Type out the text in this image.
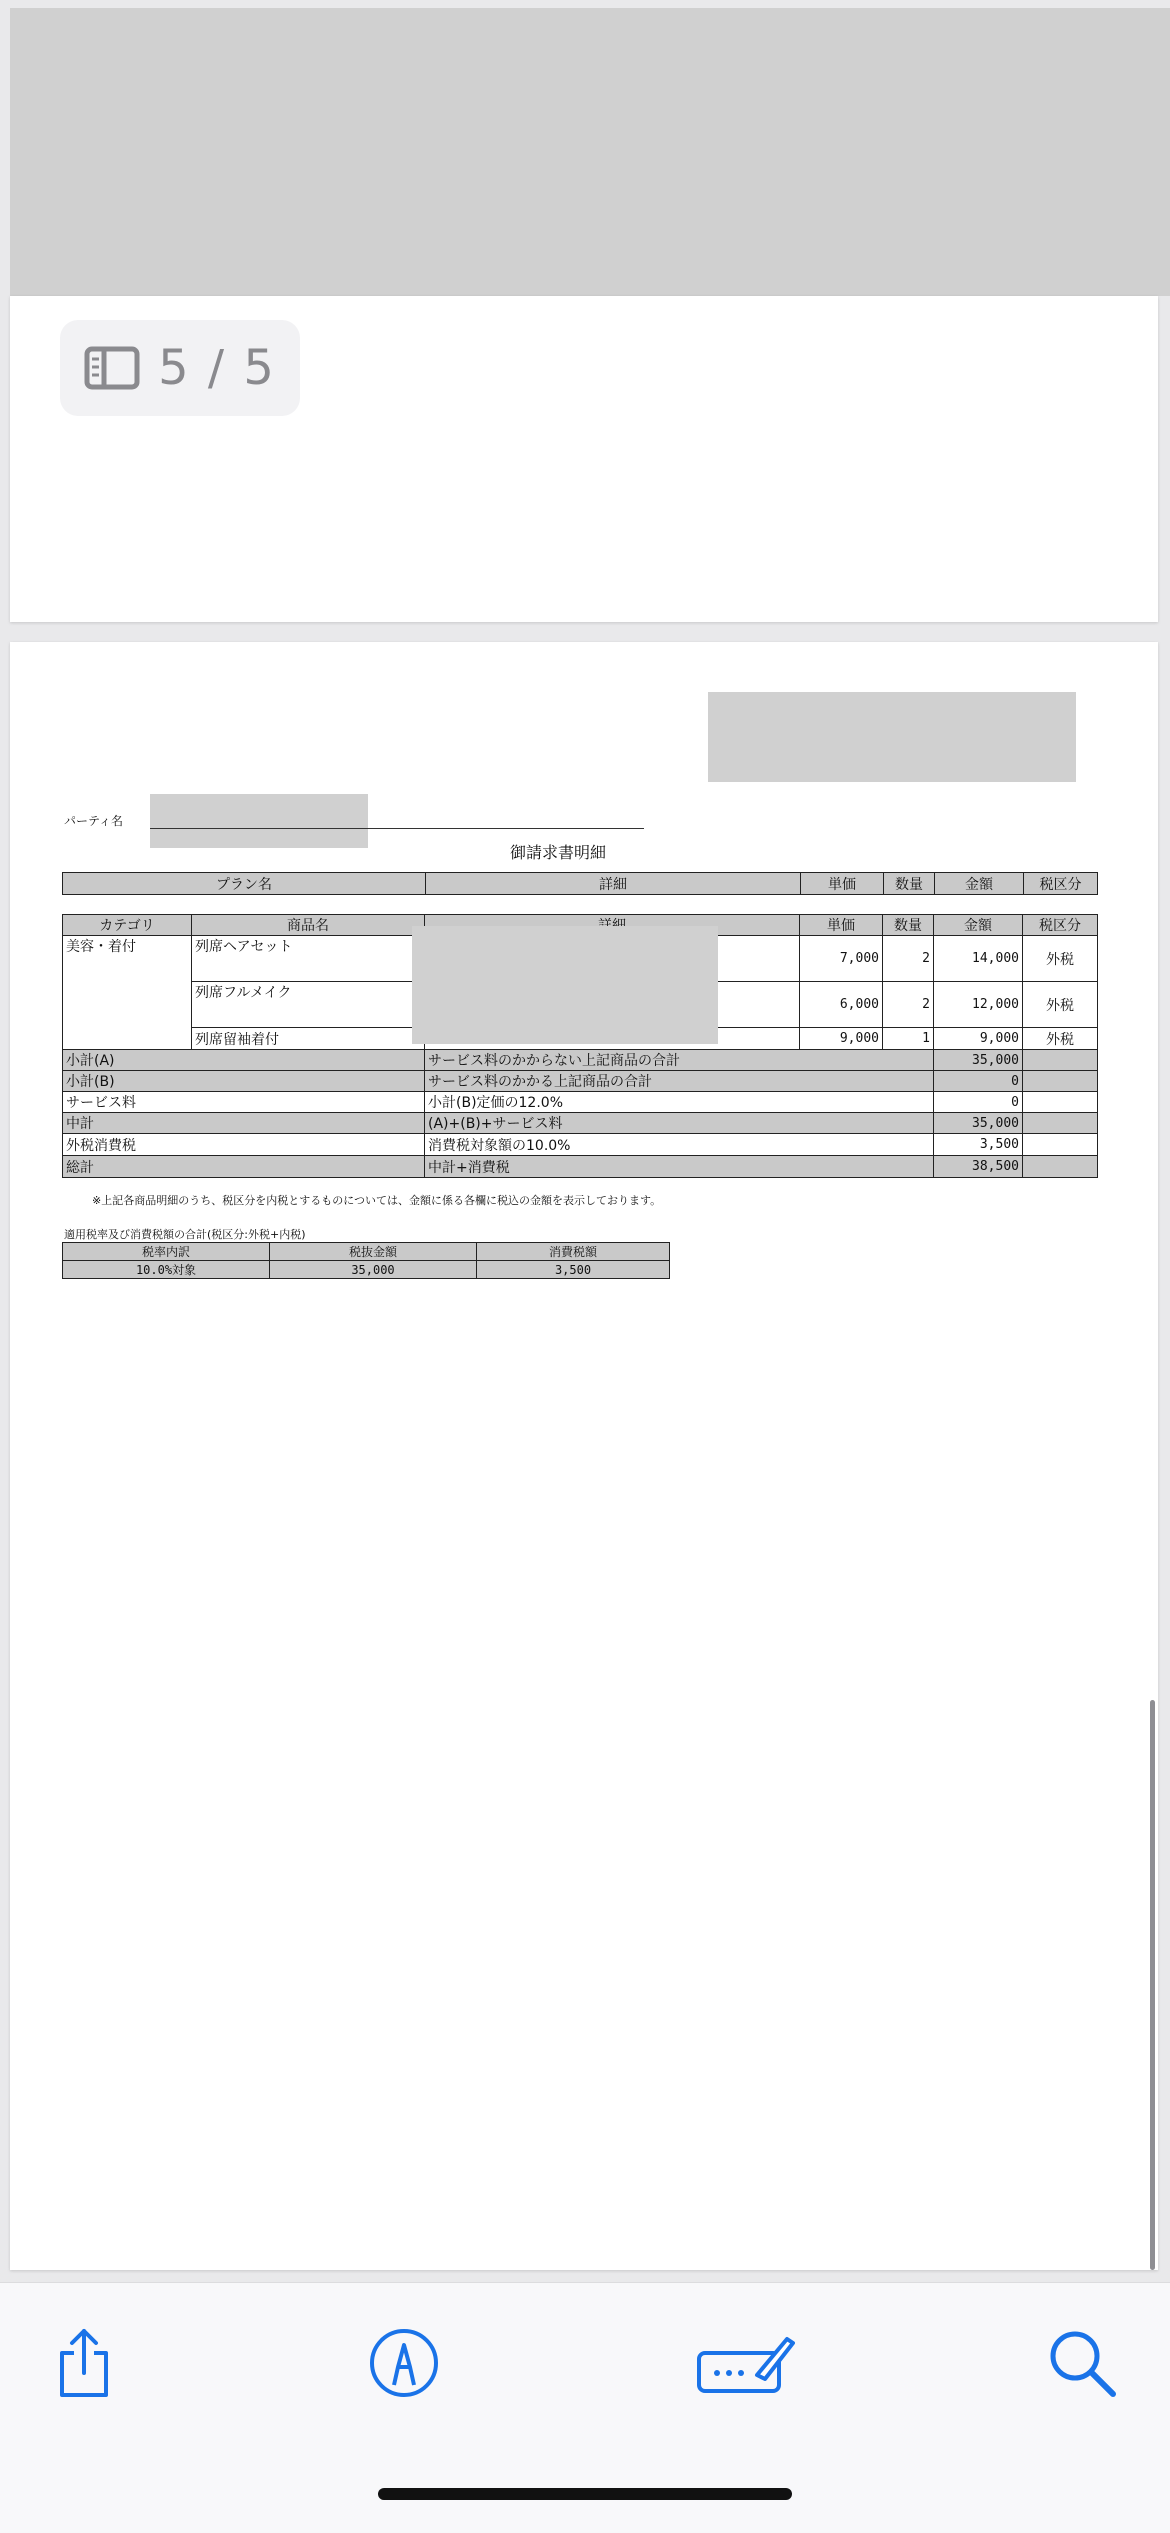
5 / 5
パーティ名
御請求書明細
プラン名	詳細	単価	数量	金額	税区分
カテゴリ	商品名		単価	数量	金額	税区分
美容・着付	列席ヘアセット		7,000	2	14,000	外税
	列席フルメイク		6,000	2	12,000	外税
	列席留袖着付		9,000	1	9,000	外税
小計(A)		サービス料のかからない上記商品の合計			35,000	
小計(B)		サービス料のかかる上記商品の合計			0	
サービス料		小計(B)定価の12.0%			0	
中計		(A)+(B)+サービス料			35,000	
外税消費税		消費税対象額の10.0%			3,500	
総計		中計+消費税			38,500	
※上記各商品明細のうち、税区分を内税とするものについては、金額に係る各欄に税込の金額を表示しております。
適用税率及び消費税額の合計(税区分:外税+内税)
税率内訳	税抜金額	消費税額
10.0%対象	35,000	3,500
